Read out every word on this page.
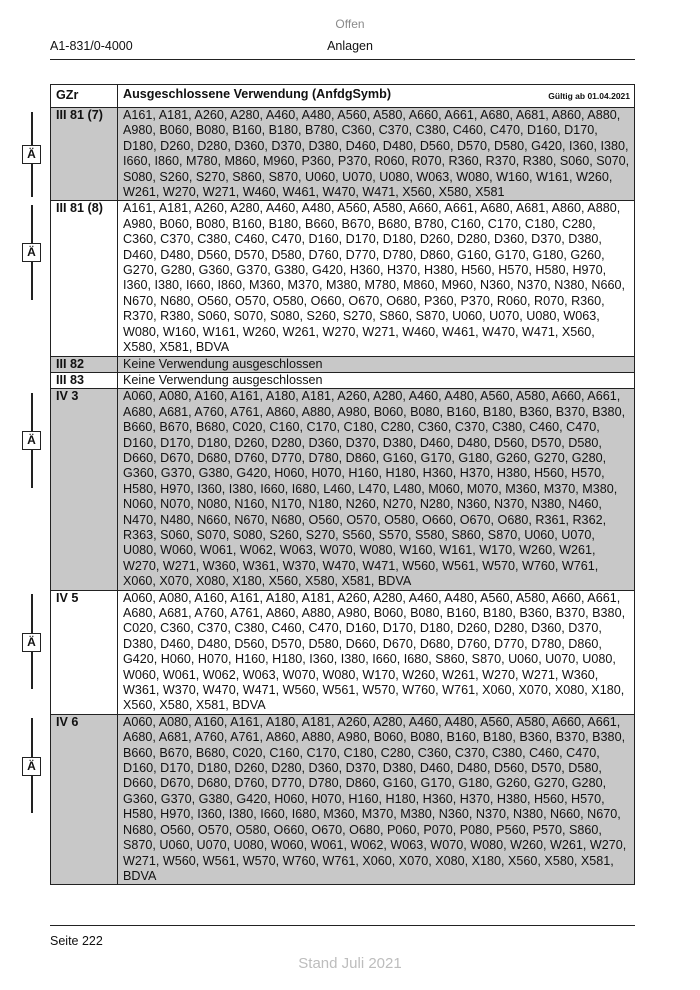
Offen
A1-831/0-4000	Anlagen
GZr	Ausgeschlossene Verwendung (AnfdgSymb) Gültig ab 01.04.2021

III 81 (7)	A161, A181, A260, A280, A460, A480, A560, A580, A660, A661, A680, A681, A860, A880, A980, B060, B080, B160, B180, B780, C360, C370, C380, C460, C470, D160, D170, D180, D260, D280, D360, D370, D380, D460, D480, D560, D570, D580, G420, I360, I380, I660, I860, M780, M860, M960, P360, P370, R060, R070, R360, R370, R380, S060, S070, S080, S260, S270, S860, S870, U060, U070, U080, W063, W080, W160, W161, W260, W261, W270, W271, W460, W461, W470, W471, X560, X580, X581
III 81 (8)	A161, A181, A260, A280, A460, A480, A560, A580, A660, A661, A680, A681, A860, A880, A980, B060, B080, B160, B180, B660, B670, B680, B780, C160, C170, C180, C280, C360, C370, C380, C460, C470, D160, D170, D180, D260, D280, D360, D370, D380, D460, D480, D560, D570, D580, D760, D770, D780, D860, G160, G170, G180, G260, G270, G280, G360, G370, G380, G420, H360, H370, H380, H560, H570, H580, H970, I360, I380, I660, I860, M360, M370, M380, M780, M860, M960, N360, N370, N380, N660, N670, N680, O560, O570, O580, O660, O670, O680, P360, P370, R060, R070, R360, R370, R380, S060, S070, S080, S260, S270, S860, S870, U060, U070, U080, W063, W080, W160, W161, W260, W261, W270, W271, W460, W461, W470, W471, X560, X580, X581, BDVA
III 82	Keine Verwendung ausgeschlossen
III 83	Keine Verwendung ausgeschlossen
IV 3	A060, A080, A160, A161, A180, A181, A260, A280, A460, A480, A560, A580, A660, A661, A680, A681, A760, A761, A860, A880, A980, B060, B080, B160, B180, B360, B370, B380, B660, B670, B680, C020, C160, C170, C180, C280, C360, C370, C380, C460, C470, D160, D170, D180, D260, D280, D360, D370, D380, D460, D480, D560, D570, D580, D660, D670, D680, D760, D770, D780, D860, G160, G170, G180, G260, G270, G280, G360, G370, G380, G420, H060, H070, H160, H180, H360, H370, H380, H560, H570, H580, H970, I360, I380, I660, I680, L460, L470, L480, M060, M070, M360, M370, M380, N060, N070, N080, N160, N170, N180, N260, N270, N280, N360, N370, N380, N460, N470, N480, N660, N670, N680, O560, O570, O580, O660, O670, O680, R361, R362, R363, S060, S070, S080, S260, S270, S560, S570, S580, S860, S870, U060, U070, U080, W060, W061, W062, W063, W070, W080, W160, W161, W170, W260, W261, W270, W271, W360, W361, W370, W470, W471, W560, W561, W570, W760, W761, X060, X070, X080, X180, X560, X580, X581, BDVA
IV 5	A060, A080, A160, A161, A180, A181, A260, A280, A460, A480, A560, A580, A660, A661, A680, A681, A760, A761, A860, A880, A980, B060, B080, B160, B180, B360, B370, B380, C020, C360, C370, C380, C460, C470, D160, D170, D180, D260, D280, D360, D370, D380, D460, D480, D560, D570, D580, D660, D670, D680, D760, D770, D780, D860, G420, H060, H070, H160, H180, I360, I380, I660, I680, S860, S870, U060, U070, U080, W060, W061, W062, W063, W070, W080, W170, W260, W261, W270, W271, W360, W361, W370, W470, W471, W560, W561, W570, W760, W761, X060, X070, X080, X180, X560, X580, X581, BDVA
IV 6	A060, A080, A160, A161, A180, A181, A260, A280, A460, A480, A560, A580, A660, A661, A680, A681, A760, A761, A860, A880, A980, B060, B080, B160, B180, B360, B370, B380, B660, B670, B680, C020, C160, C170, C180, C280, C360, C370, C380, C460, C470, D160, D170, D180, D260, D280, D360, D370, D380, D460, D480, D560, D570, D580, D660, D670, D680, D760, D770, D780, D860, G160, G170, G180, G260, G270, G280, G360, G370, G380, G420, H060, H070, H160, H180, H360, H370, H380, H560, H570, H580, H970, I360, I380, I660, I680, M360, M370, M380, N360, N370, N380, N660, N670, N680, O560, O570, O580, O660, O670, O680, P060, P070, P080, P560, P570, S860, S870, U060, U070, U080, W060, W061, W062, W063, W070, W080, W260, W261, W270, W271, W560, W561, W570, W760, W761, X060, X070, X080, X180, X560, X580, X581, BDVA
Ä
Ä
Ä
Ä
Ä
Seite 222
Stand Juli 2021
